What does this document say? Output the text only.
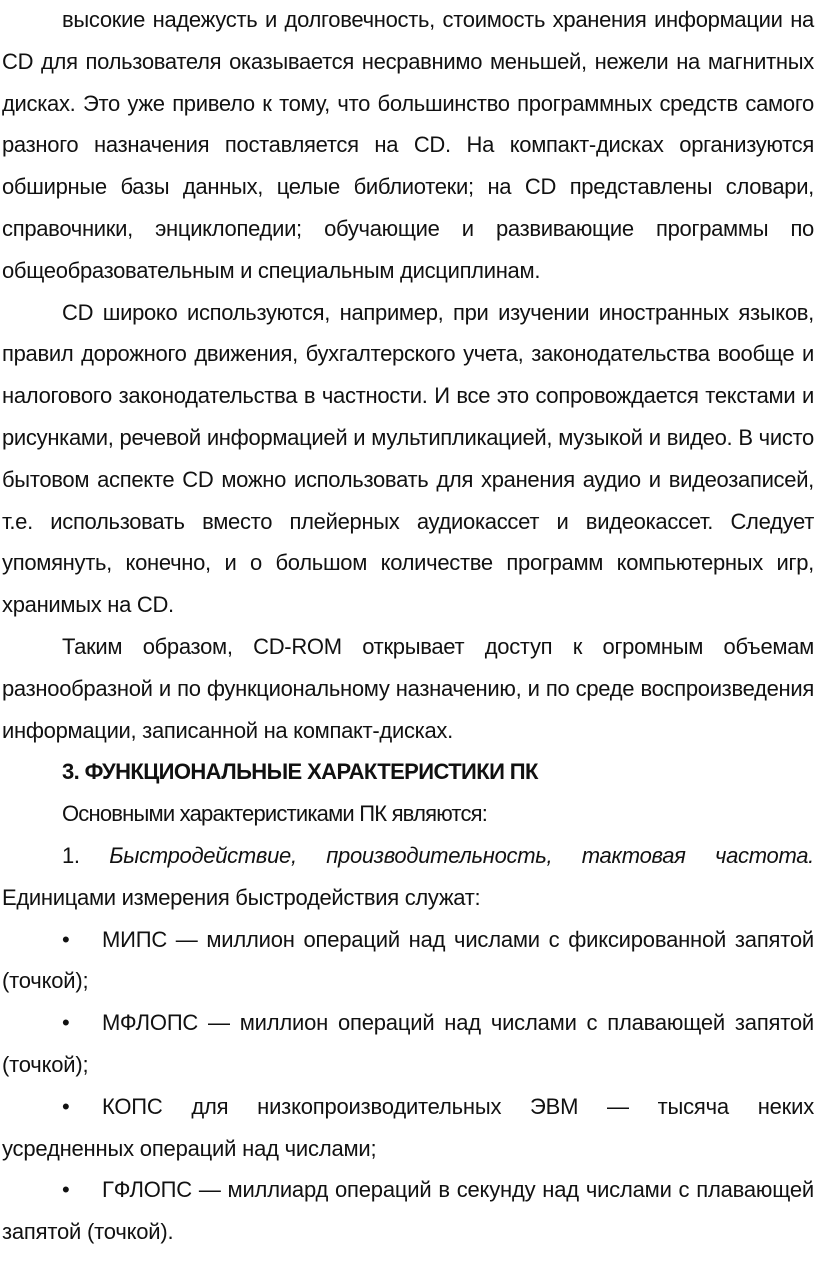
высокие надежусть и долговечность, стоимость хранения информации на CD для пользователя оказывается несравнимо меньшей, нежели на магнитных дисках. Это уже привело к тому, что большинство программных средств самого разного назначения поставляется на CD. На компакт-дисках организуются обширные базы данных, целые библиотеки; на CD представлены словари, справочники, энциклопедии; обучающие и развивающие программы по общеобразовательным и специальным дисциплинам.

CD широко используются, например, при изучении иностранных языков, правил дорожного движения, бухгалтерского учета, законодательства вообще и налогового законодательства в частности. И все это сопровождается текстами и рисунками, речевой информацией и мультипликацией, музыкой и видео. В чисто бытовом аспекте CD можно использовать для хранения аудио и видеозаписей, т.е. использовать вместо плейерных аудиокассет и видеокассет. Следует упомянуть, конечно, и о большом количестве программ компьютерных игр, хранимых на CD.

Таким образом, CD-ROM открывает доступ к огромным объемам разнообразной и по функциональному назначению, и по среде воспроизведения информации, записанной на компакт-дисках.

3. ФУНКЦИОНАЛЬНЫЕ ХАРАКТЕРИСТИКИ ПК

Основными характеристиками ПК являются:

1. Быстродействие, производительность, тактовая частота. Единицами измерения быстродействия служат:

• МИПС — миллион операций над числами с фиксированной запятой (точкой);

• МФЛОПС — миллион операций над числами с плавающей запятой (точкой);

• КОПС для низкопроизводительных ЭВМ — тысяча неких усредненных операций над числами;

• ГФЛОПС — миллиард операций в секунду над числами с плавающей запятой (точкой).
